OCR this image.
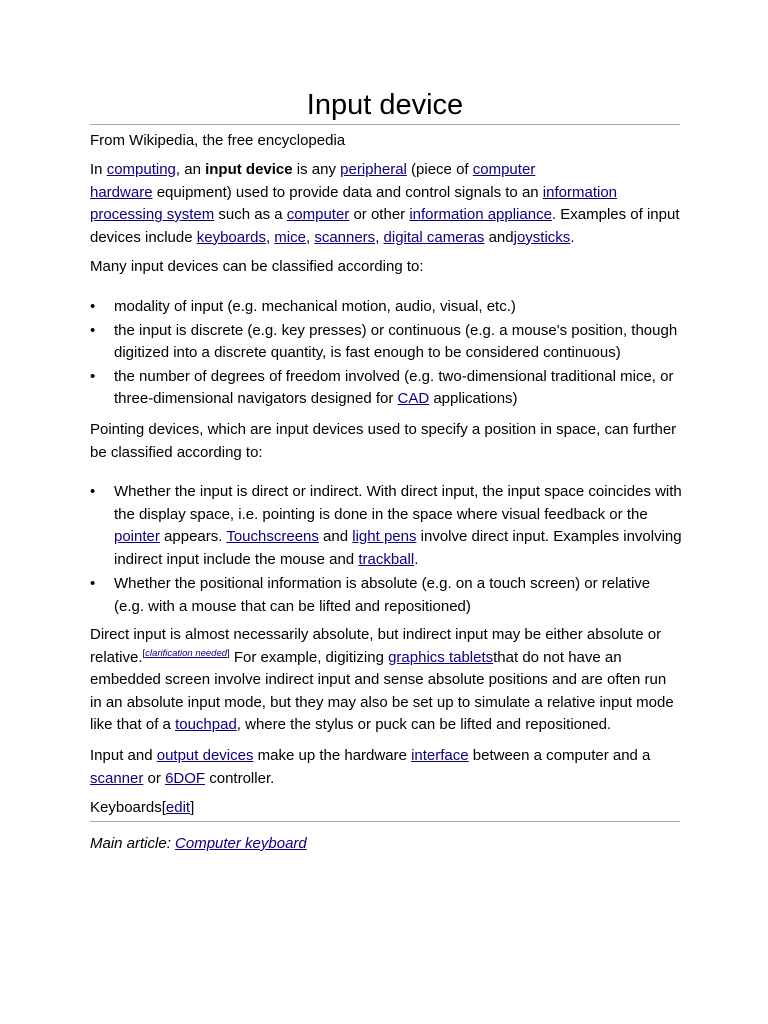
Input device
From Wikipedia, the free encyclopedia
In computing, an input device is any peripheral (piece of computer
hardware equipment) used to provide data and control signals to an information
processing system such as a computer or other information appliance. Examples of input devices include keyboards, mice, scanners, digital cameras andjoysticks.
Many input devices can be classified according to:
• modality of input (e.g. mechanical motion, audio, visual, etc.)
• the input is discrete (e.g. key presses) or continuous (e.g. a mouse's position, though digitized into a discrete quantity, is fast enough to be considered continuous)
• the number of degrees of freedom involved (e.g. two-dimensional traditional mice, or three-dimensional navigators designed for CAD applications)
Pointing devices, which are input devices used to specify a position in space, can further be classified according to:
• Whether the input is direct or indirect. With direct input, the input space coincides with the display space, i.e. pointing is done in the space where visual feedback or the pointer appears. Touchscreens and light pens involve direct input. Examples involving indirect input include the mouse and trackball.
• Whether the positional information is absolute (e.g. on a touch screen) or relative (e.g. with a mouse that can be lifted and repositioned)
Direct input is almost necessarily absolute, but indirect input may be either absolute or relative.[clarification needed] For example, digitizing graphics tabletsthat do not have an embedded screen involve indirect input and sense absolute positions and are often run in an absolute input mode, but they may also be set up to simulate a relative input mode like that of a touchpad, where the stylus or puck can be lifted and repositioned.
Input and output devices make up the hardware interface between a computer and a scanner or 6DOF controller.
Keyboards[edit]
Main article: Computer keyboard
